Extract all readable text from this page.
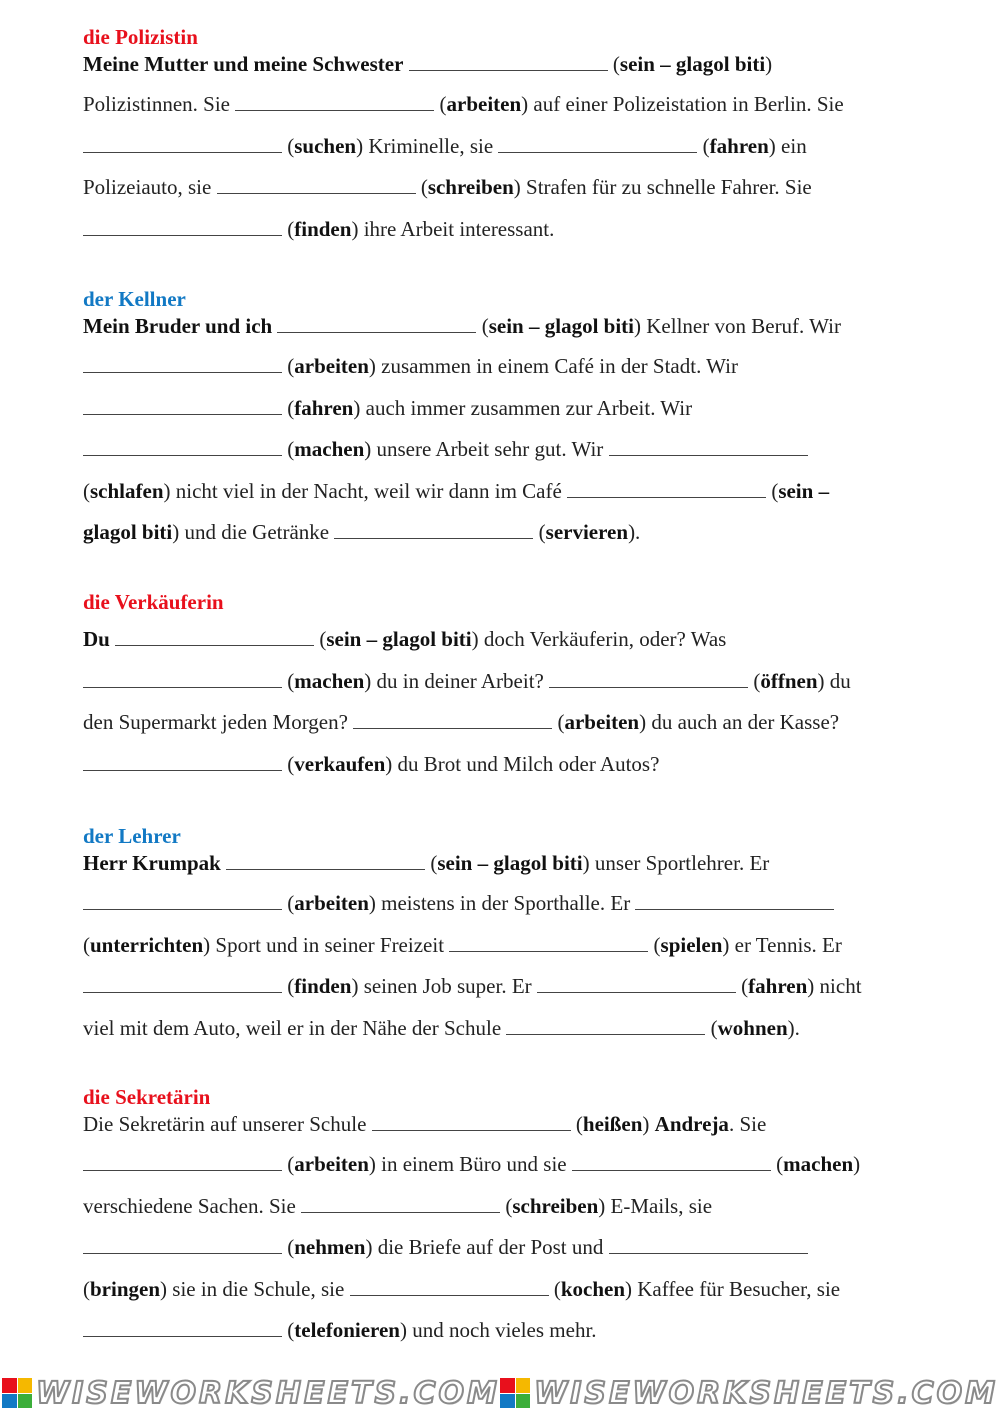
die Polizistin
Meine Mutter und meine Schwester	(sein – glagol biti)
Polizistinnen. Sie	(arbeiten) auf einer Polizeistation in Berlin. Sie
(suchen) Kriminelle, sie	(fahren) ein
Polizeiauto, sie	(schreiben) Strafen für zu schnelle Fahrer. Sie
(finden) ihre Arbeit interessant.
der Kellner
Mein Bruder und ich	(sein – glagol biti) Kellner von Beruf. Wir
(arbeiten) zusammen in einem Café in der Stadt. Wir
(fahren) auch immer zusammen zur Arbeit. Wir
(machen) unsere Arbeit sehr gut. Wir
(schlafen) nicht viel in der Nacht, weil wir dann im Café	(sein –
glagol biti) und die Getränke	(servieren).
die Verkäuferin
Du	(sein – glagol biti) doch Verkäuferin, oder? Was
(machen) du in deiner Arbeit?	(öffnen) du
den Supermarkt jeden Morgen?	(arbeiten) du auch an der Kasse?
(verkaufen) du Brot und Milch oder Autos?
der Lehrer
Herr Krumpak	(sein – glagol biti) unser Sportlehrer. Er
(arbeiten) meistens in der Sporthalle. Er
(unterrichten) Sport und in seiner Freizeit	(spielen) er Tennis. Er
(finden) seinen Job super. Er	(fahren) nicht
viel mit dem Auto, weil er in der Nähe der Schule	(wohnen).
die Sekretärin
Die Sekretärin auf unserer Schule	(heißen) Andreja. Sie
(arbeiten) in einem Büro und sie	(machen)
verschiedene Sachen. Sie	(schreiben) E-Mails, sie
(nehmen) die Briefe auf der Post und
(bringen) sie in die Schule, sie	(kochen) Kaffee für Besucher, sie
(telefonieren) und noch vieles mehr.
WISEWORKSHEETS.COM WISEWORKSHEETS.COM
